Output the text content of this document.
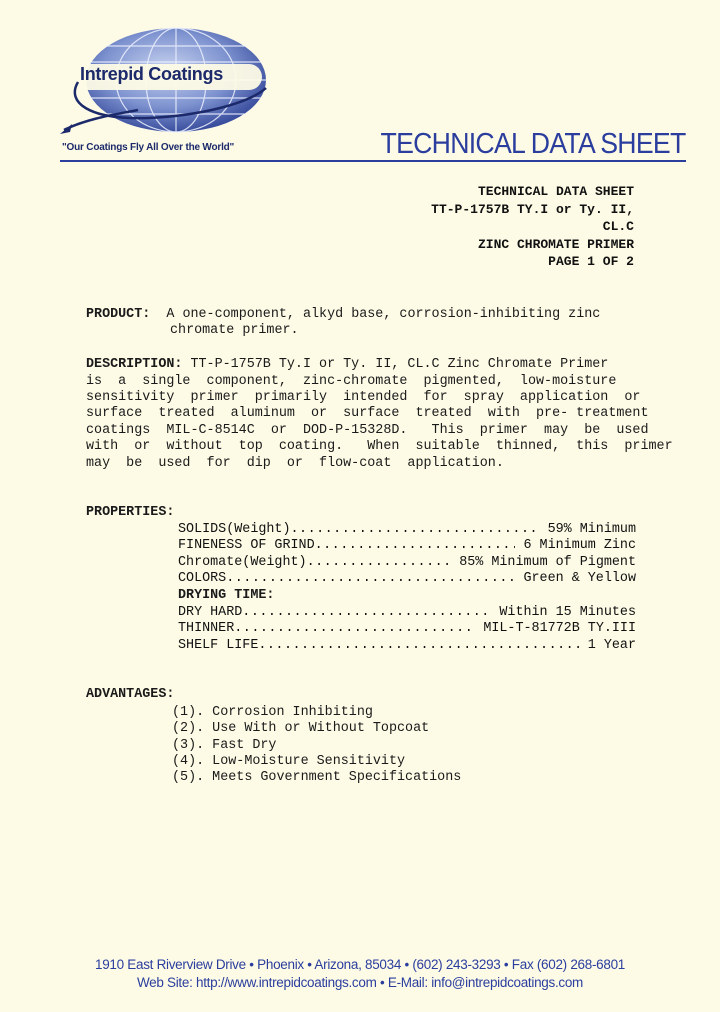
Intrepid Coatings
"Our Coatings Fly All Over the World"	TECHNICAL DATA SHEET
TECHNICAL DATA SHEET
TT-P-1757B TY.I or Ty. II,
CL.C
ZINC CHROMATE PRIMER
PAGE 1 OF 2
PRODUCT:  A one-component, alkyd base, corrosion-inhibiting zinc
chromate primer.
DESCRIPTION: TT-P-1757B Ty.I or Ty. II, CL.C Zinc Chromate Primer
is  a  single  component,  zinc-chromate  pigmented,  low-moisture
sensitivity  primer  primarily  intended  for  spray  application  or
surface  treated  aluminum  or  surface  treated  with  pre- treatment
coatings  MIL-C-8514C  or  DOD-P-15328D.   This  primer  may  be  used
with  or  without  top  coating.   When  suitable  thinned,  this  primer
may  be  used  for  dip  or  flow-coat  application.
PROPERTIES:
SOLIDS(Weight) .....	59% Minimum
FINENESS OF GRIND .....	6 Minimum Zinc
Chromate(Weight) .....	85% Minimum of Pigment
COLORS .....	Green & Yellow
DRYING TIME:
DRY HARD .....	Within 15 Minutes
THINNER .....	MIL-T-81772B TY.III
SHELF LIFE .....	1 Year
ADVANTAGES:
(1). Corrosion Inhibiting
(2). Use With or Without Topcoat
(3). Fast Dry
(4). Low-Moisture Sensitivity
(5). Meets Government Specifications
1910 East Riverview Drive • Phoenix • Arizona, 85034 • (602) 243-3293 • Fax (602) 268-6801
Web Site: http://www.intrepidcoatings.com • E-Mail: info@intrepidcoatings.com
